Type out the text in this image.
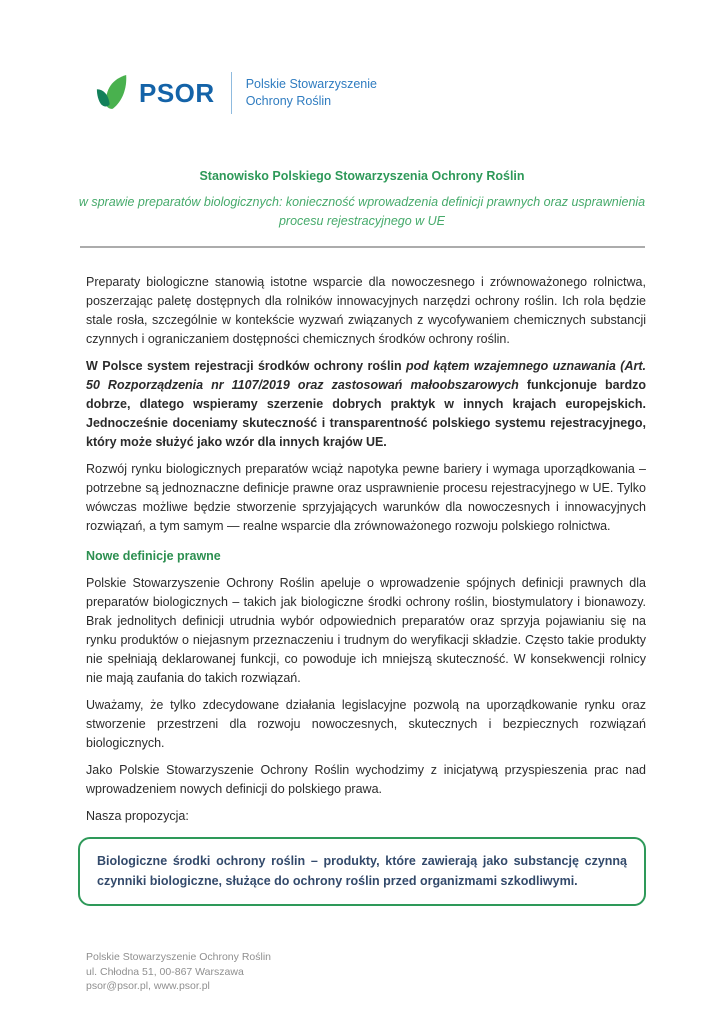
PSOR Polskie Stowarzyszenie
Ochrony Roślin
Stanowisko Polskiego Stowarzyszenia Ochrony Roślin
w sprawie preparatów biologicznych: konieczność wprowadzenia definicji prawnych oraz usprawnienia procesu rejestracyjnego w UE

Preparaty biologiczne stanowią istotne wsparcie dla nowoczesnego i zrównoważonego rolnictwa, poszerzając paletę dostępnych dla rolników innowacyjnych narzędzi ochrony roślin. Ich rola będzie stale rosła, szczególnie w kontekście wyzwań związanych z wycofywaniem chemicznych substancji czynnych i ograniczaniem dostępności chemicznych środków ochrony roślin.

W Polsce system rejestracji środków ochrony roślin pod kątem wzajemnego uznawania (Art. 50 Rozporządzenia nr 1107/2019 oraz zastosowań małoobszarowych funkcjonuje bardzo dobrze, dlatego wspieramy szerzenie dobrych praktyk w innych krajach europejskich. Jednocześnie doceniamy skuteczność i transparentność polskiego systemu rejestracyjnego, który może służyć jako wzór dla innych krajów UE.

Rozwój rynku biologicznych preparatów wciąż napotyka pewne bariery i wymaga uporządkowania – potrzebne są jednoznaczne definicje prawne oraz usprawnienie procesu rejestracyjnego w UE. Tylko wówczas możliwe będzie stworzenie sprzyjających warunków dla nowoczesnych i innowacyjnych rozwiązań, a tym samym — realne wsparcie dla zrównoważonego rozwoju polskiego rolnictwa.

Nowe definicje prawne

Polskie Stowarzyszenie Ochrony Roślin apeluje o wprowadzenie spójnych definicji prawnych dla preparatów biologicznych – takich jak biologiczne środki ochrony roślin, biostymulatory i bionawozy. Brak jednolitych definicji utrudnia wybór odpowiednich preparatów oraz sprzyja pojawianiu się na rynku produktów o niejasnym przeznaczeniu i trudnym do weryfikacji składzie. Często takie produkty nie spełniają deklarowanej funkcji, co powoduje ich mniejszą skuteczność. W konsekwencji rolnicy nie mają zaufania do takich rozwiązań.

Uważamy, że tylko zdecydowane działania legislacyjne pozwolą na uporządkowanie rynku oraz stworzenie przestrzeni dla rozwoju nowoczesnych, skutecznych i bezpiecznych rozwiązań biologicznych.

Jako Polskie Stowarzyszenie Ochrony Roślin wychodzimy z inicjatywą przyspieszenia prac nad wprowadzeniem nowych definicji do polskiego prawa.

Nasza propozycja:

Biologiczne środki ochrony roślin – produkty, które zawierają jako substancję czynną czynniki biologiczne, służące do ochrony roślin przed organizmami szkodliwymi.

Polskie Stowarzyszenie Ochrony Roślin
ul. Chłodna 51, 00-867 Warszawa
psor@psor.pl, www.psor.pl
